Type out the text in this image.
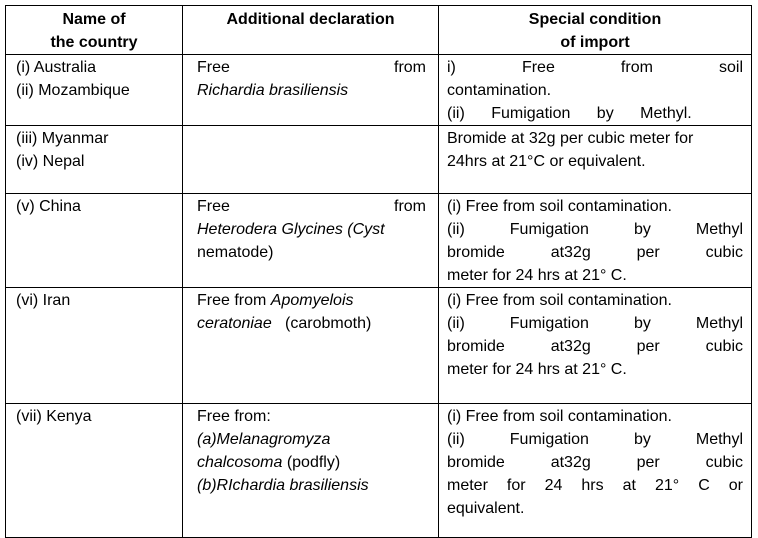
Name of
the country	Additional declaration	Special condition
of import

(i) Australia
(ii) Mozambique	Free from
Richardia brasiliensis	i) Free from soil
contamination.
(ii) Fumigation by Methyl.

(iii) Myanmar
(iv) Nepal		Bromide at 32g per cubic meter for
24hrs at 21°C or equivalent.

(v) China	Free from
Heterodera Glycines (Cyst
nematode)	(i) Free from soil contamination.
(ii) Fumigation by Methyl
bromide at32g per cubic
meter for 24 hrs at 21° C.

(vi) Iran	Free from Apomyelois
ceratoniae   (carobmoth)	(i) Free from soil contamination.
(ii) Fumigation by Methyl
bromide at32g per cubic
meter for 24 hrs at 21° C.

(vii) Kenya	Free from:
(a)Melanagromyza
chalcosoma (podfly)
(b)RIchardia brasiliensis	(i) Free from soil contamination.
(ii) Fumigation by Methyl
bromide at32g per cubic
meter for 24 hrs at 21° C or
equivalent.
